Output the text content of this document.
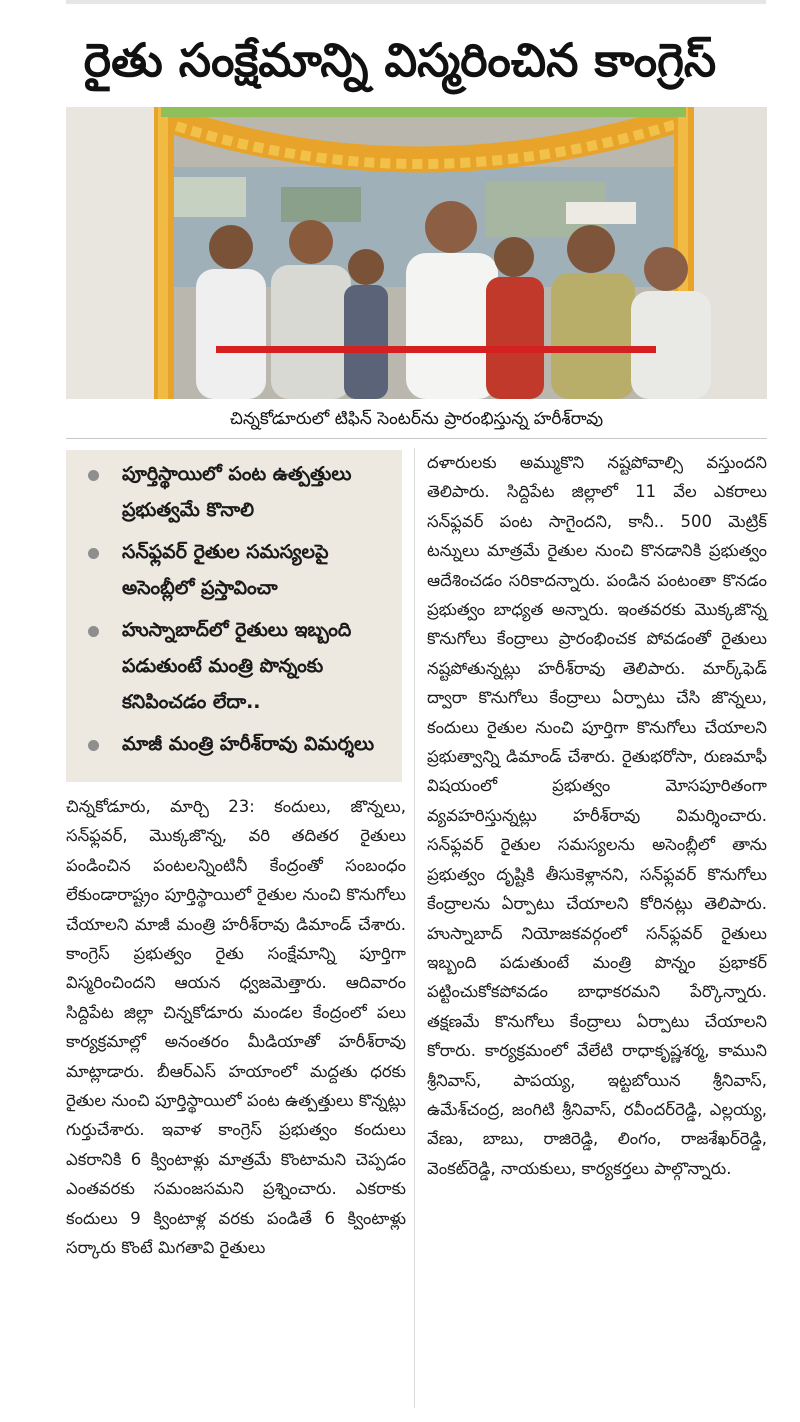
రైతు సంక్షేమాన్ని విస్మరించిన కాంగ్రెస్
చిన్నకోడూరులో టిఫిన్ సెంటర్‌ను ప్రారంభిస్తున్న హరీశ్‌రావు
పూర్తిస్థాయిలో పంట ఉత్పత్తులు ప్రభుత్వమే కొనాలి
సన్‌ఫ్లవర్ రైతుల సమస్యలపై అసెంబ్లీలో ప్రస్తావించా
హుస్నాబాద్‌లో రైతులు ఇబ్బంది పడుతుంటే మంత్రి పొన్నంకు కనిపించడం లేదా..
మాజీ మంత్రి హరీశ్‌రావు విమర్శలు

చిన్నకోడూరు, మార్చి 23: కందులు, జొన్నలు, సన్‌ఫ్లవర్, మొక్కజొన్న, వరి తదితర రైతులు పండించిన పంటలన్నింటినీ కేంద్రంతో సంబంధం లేకుండారాష్ట్రం పూర్తిస్థాయిలో రైతుల నుంచి కొనుగోలు చేయాలని మాజీ మంత్రి హరీశ్‌రావు డిమాండ్ చేశారు. కాంగ్రెస్ ప్రభుత్వం రైతు సంక్షేమాన్ని పూర్తిగా విస్మరించిందని ఆయన ధ్వజమెత్తారు. ఆదివారం సిద్దిపేట జిల్లా చిన్నకోడూరు మండల కేంద్రంలో పలు కార్యక్రమాల్లో అనంతరం మీడియాతో హరీశ్‌రావు మాట్లాడారు. బీఆర్ఎస్ హయాంలో మద్దతు ధరకు రైతుల నుంచి పూర్తిస్థాయిలో పంట ఉత్పత్తులు కొన్నట్లు గుర్తుచేశారు. ఇవాళ కాంగ్రెస్ ప్రభుత్వం కందులు ఎకరానికి 6 క్వింటాళ్లు మాత్రమే కొంటామని చెప్పడం ఎంతవరకు సమంజసమని ప్రశ్నించారు. ఎకరాకు కందులు 9 క్వింటాళ్ల వరకు పండితే 6 క్వింటాళ్లు సర్కారు కొంటే మిగతావి రైతులు

దళారులకు అమ్ముకొని నష్టపోవాల్సి వస్తుందని తెలిపారు. సిద్దిపేట జిల్లాలో 11 వేల ఎకరాలు సన్‌ఫ్లవర్ పంట సాగైందని, కానీ.. 500 మెట్రిక్ టన్నులు మాత్రమే రైతుల నుంచి కొనడానికి ప్రభుత్వం ఆదేశించడం సరికాదన్నారు. పండిన పంటంతా కొనడం ప్రభుత్వం బాధ్యత అన్నారు. ఇంతవరకు మొక్కజొన్న కొనుగోలు కేంద్రాలు ప్రారంభించక పోవడంతో రైతులు నష్టపోతున్నట్లు హరీశ్‌రావు తెలిపారు. మార్క్‌ఫెడ్ ద్వారా కొనుగోలు కేంద్రాలు ఏర్పాటు చేసి జొన్నలు, కందులు రైతుల నుంచి పూర్తిగా కొనుగోలు చేయాలని ప్రభుత్వాన్ని డిమాండ్ చేశారు. రైతుభరోసా, రుణమాఫీ విషయంలో ప్రభుత్వం మోసపూరితంగా వ్యవహరిస్తున్నట్లు హరీశ్‌రావు విమర్శించారు. సన్‌ఫ్లవర్ రైతుల సమస్యలను అసెంబ్లీలో తాను ప్రభుత్వం దృష్టికి తీసుకెళ్లానని, సన్‌ఫ్లవర్ కొనుగోలు కేంద్రాలను ఏర్పాటు చేయాలని కోరినట్లు తెలిపారు. హుస్నాబాద్ నియోజకవర్గంలో సన్‌ఫ్లవర్ రైతులు ఇబ్బంది పడుతుంటే మంత్రి పొన్నం ప్రభాకర్ పట్టించుకోకపోవడం బాధాకరమని పేర్కొన్నారు. తక్షణమే కొనుగోలు కేంద్రాలు ఏర్పాటు చేయాలని కోరారు. కార్యక్రమంలో వేలేటి రాధాకృష్ణశర్మ, కాముని శ్రీనివాస్, పాపయ్య, ఇట్టబోయిన శ్రీనివాస్, ఉమేశ్‌చంద్ర, జంగిటి శ్రీనివాస్, రవీందర్‌రెడ్డి, ఎల్లయ్య, వేణు, బాబు, రాజిరెడ్డి, లింగం, రాజశేఖర్‌రెడ్డి, వెంకట్‌రెడ్డి, నాయకులు, కార్యకర్తలు పాల్గొన్నారు.
